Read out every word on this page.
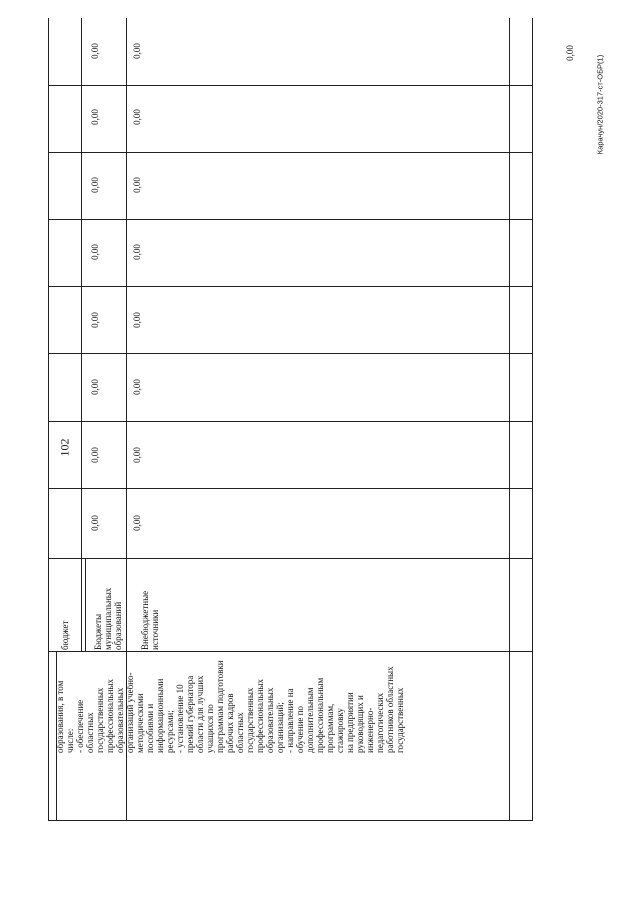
102
Карачун/2020-317-ст-ОБР(1)
образования, в том числе: - обеспечение областных государственных профессиональных образовательных организаций учебно- методическими пособиями и информационными ресурсами; - установление 10 премий губернатора области для лучших учащихся по программам подготовки рабочих кадров областных государственных профессиональных образовательных организаций; - направление на обучение по дополнительным профессиональным программам, стажировку на предприятии руководящих и инженерно- педагогических работников областных государственных
бюджет	Бюджеты муниципальных образований Внебюджетные источники
0,00
0,00
0,00
0,00
0,00
0,00
0,00
0,00
0,00
0,00
0,00
0,00
0,00
0,00
0,00
0,00
0,00
